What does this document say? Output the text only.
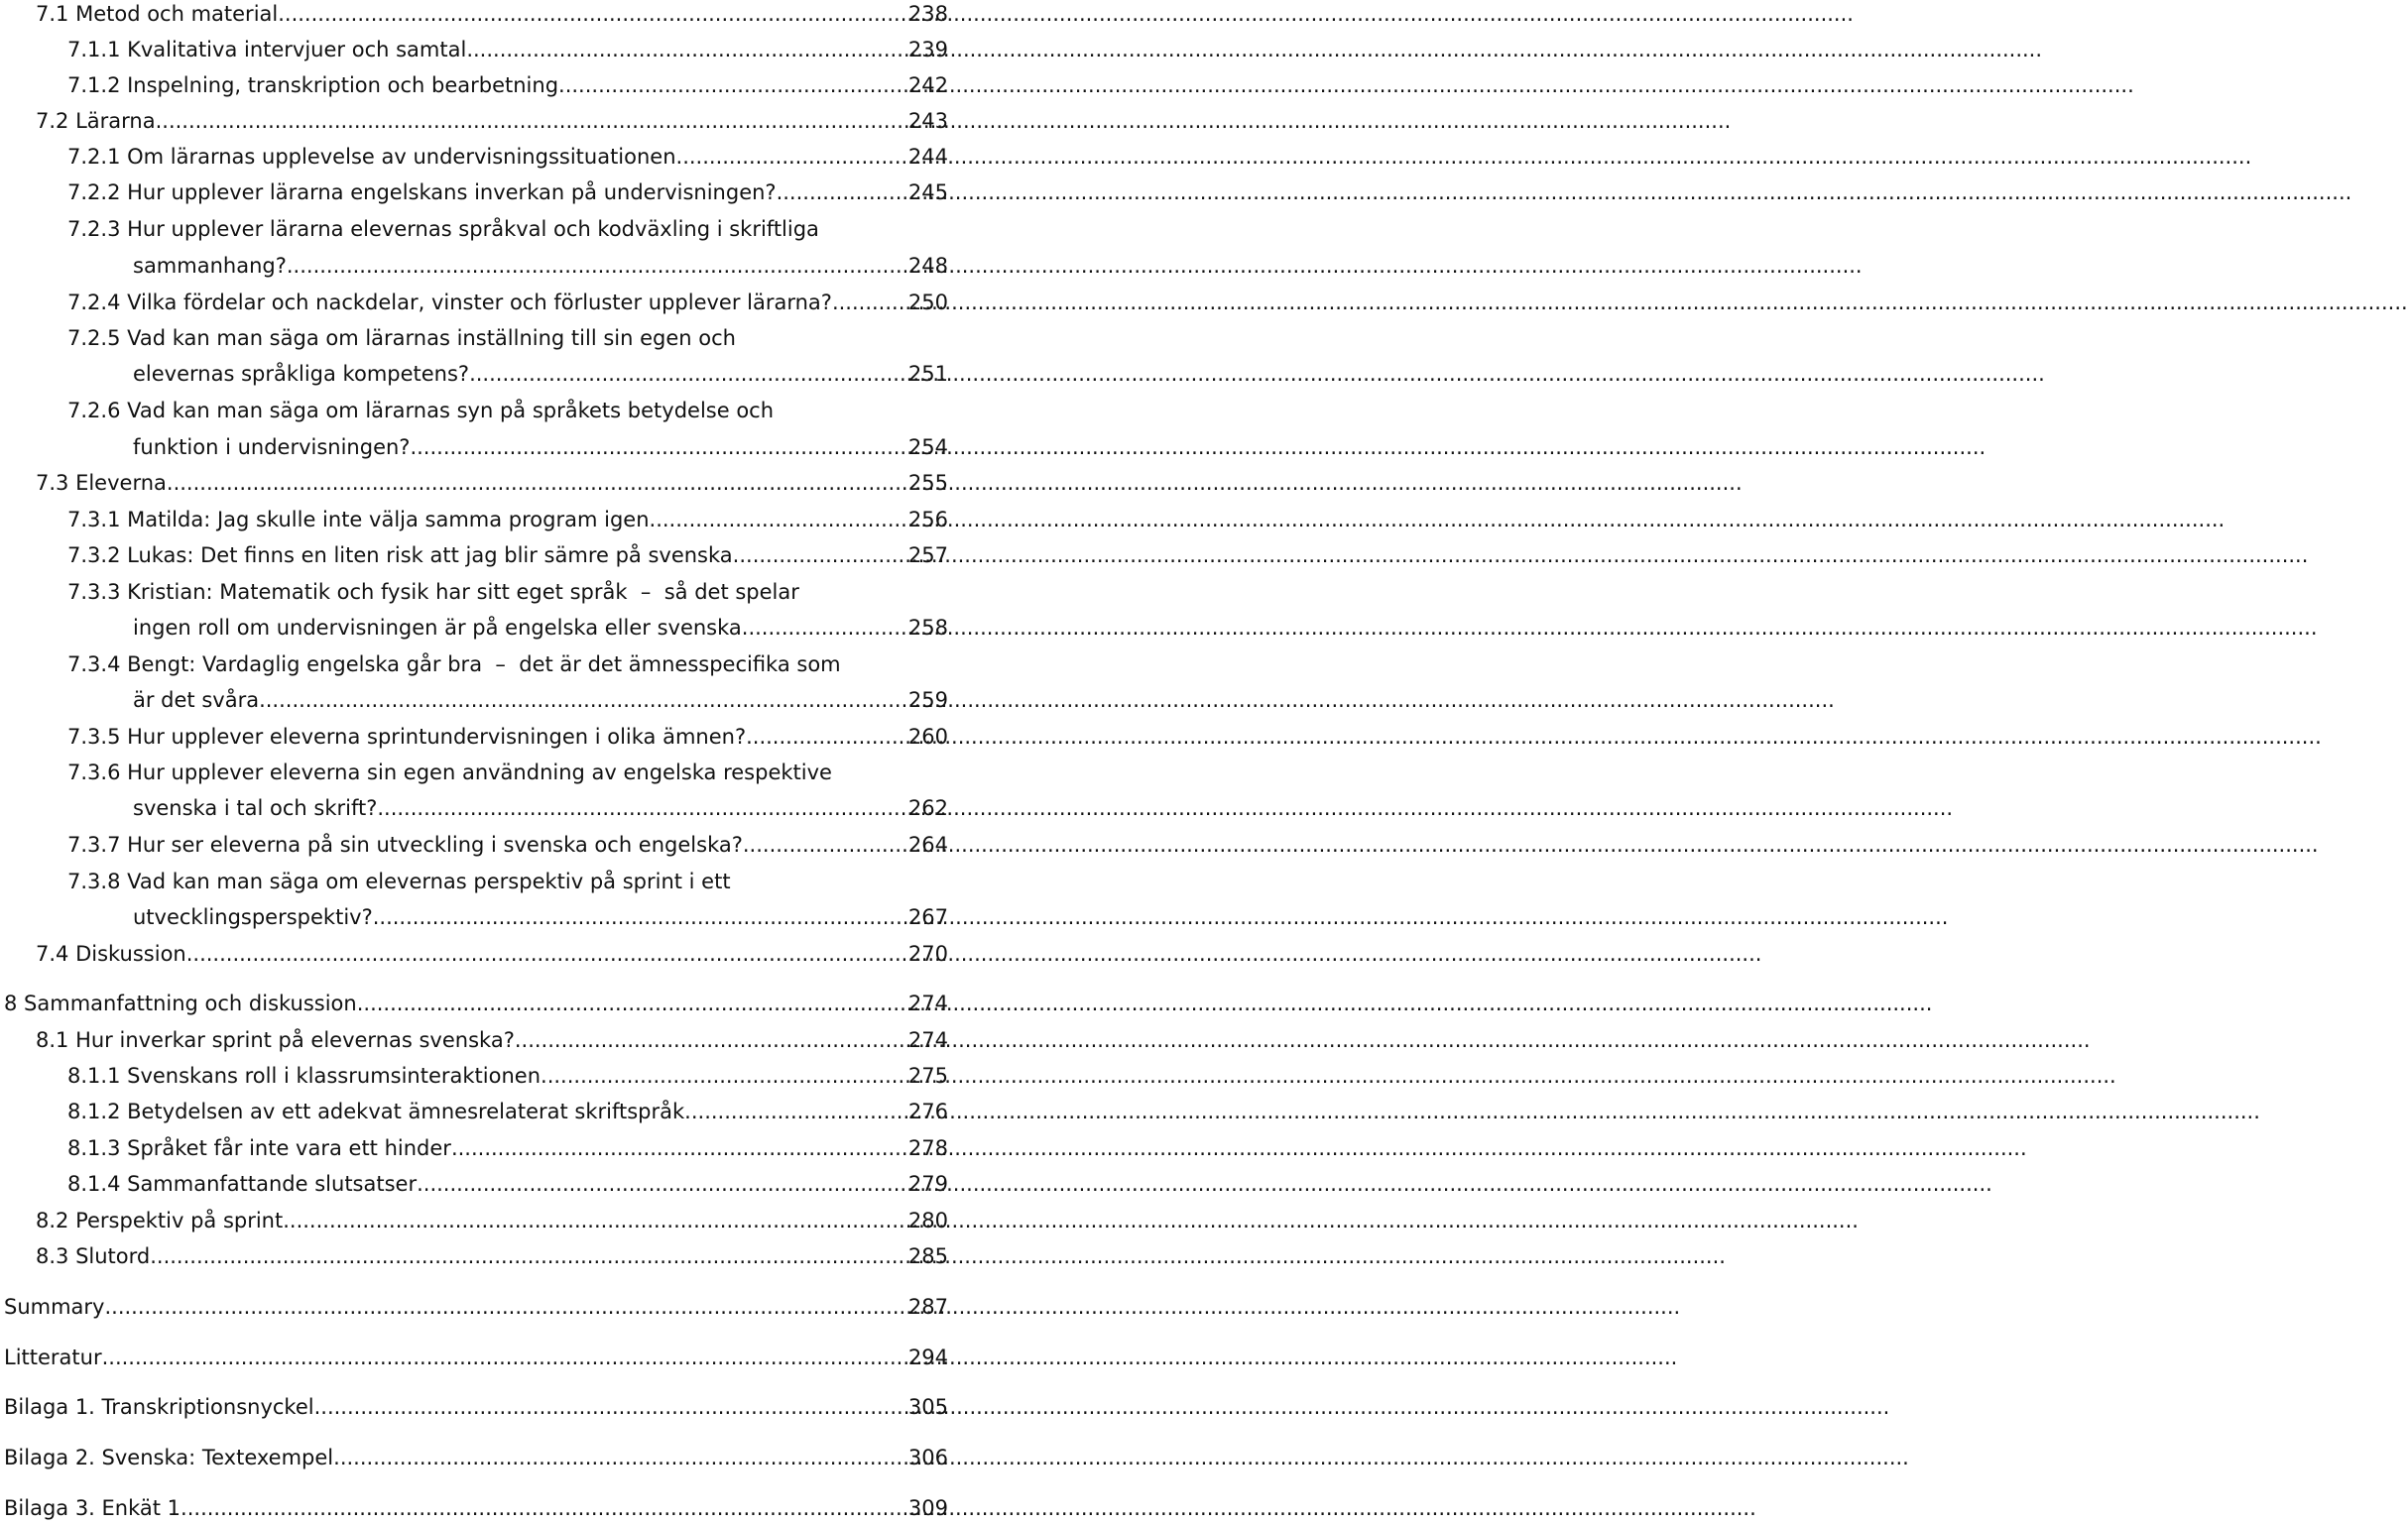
7.1 Metod och material .....	238
7.1.1 Kvalitativa intervjuer och samtal .....	239
7.1.2 Inspelning, transkription och bearbetning .....	242
7.2 Lärarna .....	243
7.2.1 Om lärarnas upplevelse av undervisningssituationen .....	244
7.2.2 Hur upplever lärarna engelskans inverkan på undervisningen? .....	245
7.2.3 Hur upplever lärarna elevernas språkval och kodväxling i skriftliga
sammanhang? .....	248
7.2.4 Vilka fördelar och nackdelar, vinster och förluster upplever lärarna? .....	250
7.2.5 Vad kan man säga om lärarnas inställning till sin egen och
elevernas språkliga kompetens? .....	251
7.2.6 Vad kan man säga om lärarnas syn på språkets betydelse och
funktion i undervisningen? .....	254
7.3 Eleverna .....	255
7.3.1 Matilda: Jag skulle inte välja samma program igen .....	256
7.3.2 Lukas: Det finns en liten risk att jag blir sämre på svenska .....	257
7.3.3 Kristian: Matematik och fysik har sitt eget språk  –  så det spelar
ingen roll om undervisningen är på engelska eller svenska .....	258
7.3.4 Bengt: Vardaglig engelska går bra  –  det är det ämnesspecifika som
är det svåra .....	259
7.3.5 Hur upplever eleverna sprintundervisningen i olika ämnen? .....	260
7.3.6 Hur upplever eleverna sin egen användning av engelska respektive
svenska i tal och skrift? .....	262
7.3.7 Hur ser eleverna på sin utveckling i svenska och engelska? .....	264
7.3.8 Vad kan man säga om elevernas perspektiv på sprint i ett
utvecklingsperspektiv? .....	267
7.4 Diskussion .....	270
8 Sammanfattning och diskussion .....	274
8.1 Hur inverkar sprint på elevernas svenska? .....	274
8.1.1 Svenskans roll i klassrumsinteraktionen .....	275
8.1.2 Betydelsen av ett adekvat ämnesrelaterat skriftspråk .....	276
8.1.3 Språket får inte vara ett hinder .....	278
8.1.4 Sammanfattande slutsatser .....	279
8.2 Perspektiv på sprint .....	280
8.3 Slutord .....	285
Summary .....	287
Litteratur .....	294
Bilaga 1. Transkriptionsnyckel .....	305
Bilaga 2. Svenska: Textexempel .....	306
Bilaga 3. Enkät 1 .....	309
